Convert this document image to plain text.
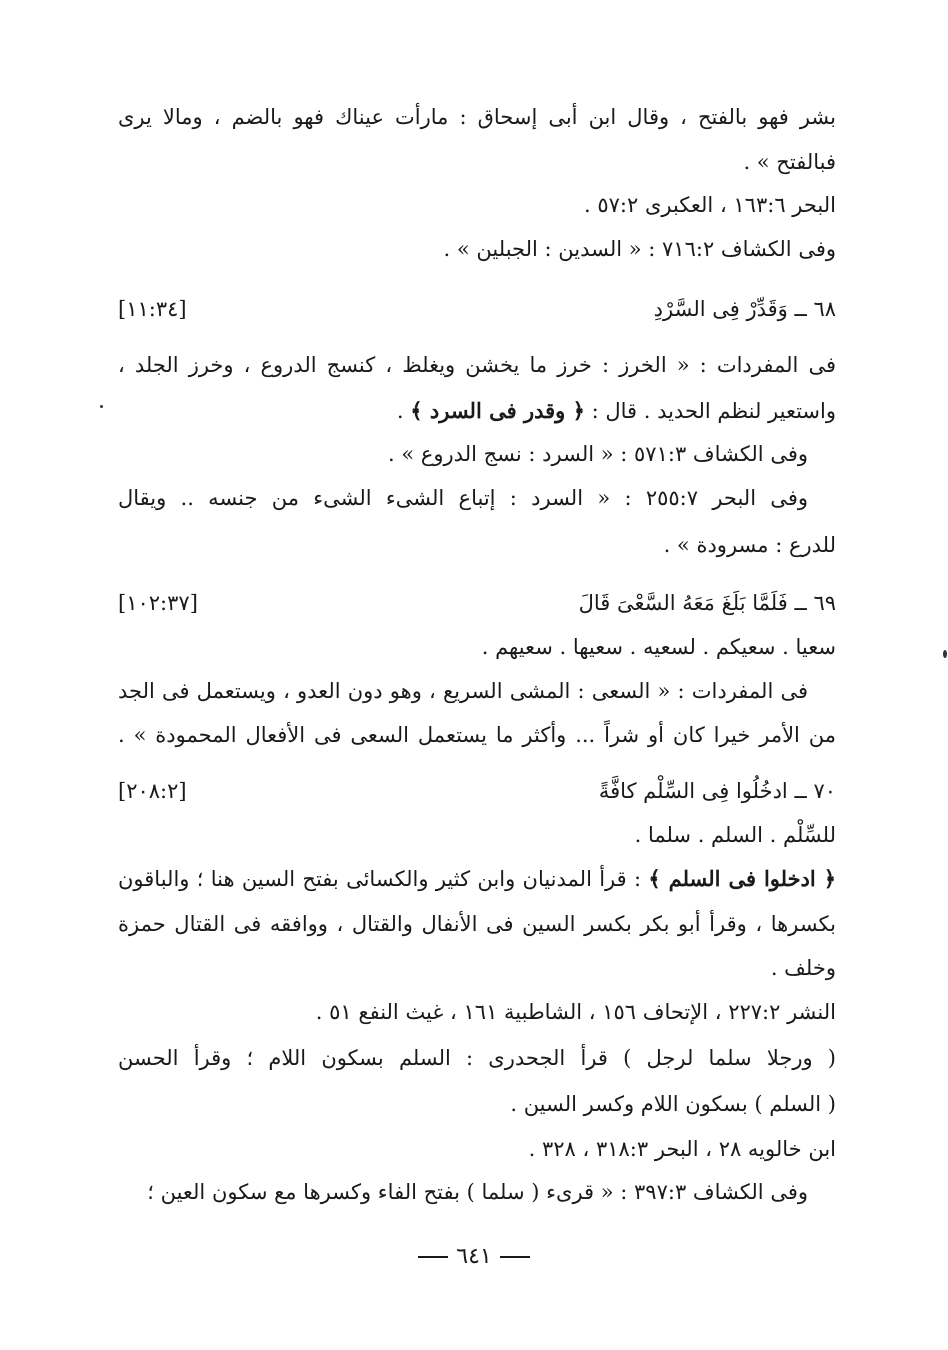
بشر فهو بالفتح ، وقال ابن أبى إسحاق : مارأت عيناك فهو بالضم ، ومالا يرى
فبالفتح » .
البحر ١٦٣:٦ ، العكبرى ٥٧:٢ .
وفى الكشاف ٧١٦:٢ : « السدين : الجبلين » .
٦٨ ــ وَقَدِّرْ فِى السَّرْدِ
[١١:٣٤]
فى المفردات : « الخرز : خرز ما يخشن ويغلظ ، كنسج الدروع ، وخرز الجلد ،
واستعير لنظم الحديد . قال : ﴿ وقدر فى السرد ﴾ .
وفى الكشاف ٥٧١:٣ : « السرد : نسج الدروع » .
وفى البحر ٢٥٥:٧ : « السرد : إتباع الشىء الشىء من جنسه .. ويقال
للدرع : مسرودة » .
٦٩ ــ فَلَمَّا بَلَغَ مَعَهُ السَّعْىَ قَالَ
[١٠٢:٣٧]
سعيا . سعيكم . لسعيه . سعيها . سعيهم .
فى المفردات : « السعى : المشى السريع ، وهو دون العدو ، ويستعمل فى الجد
من الأمر خيرا كان أو شراً ... وأكثر ما يستعمل السعى فى الأفعال المحمودة » .
٧٠ ــ ادخُلُوا فِى السِّلْم كافَّةً
[٢٠٨:٢]
للسِّلْم . السلم . سلما .
﴿ ادخلوا فى السلم ﴾ : قرأ المدنيان وابن كثير والكسائى بفتح السين هنا ؛ والباقون
بكسرها ، وقرأ أبو بكر بكسر السين فى الأنفال والقتال ، ووافقه فى القتال حمزة
وخلف .
النشر ٢٢٧:٢ ، الإتحاف ١٥٦ ، الشاطبية ١٦١ ، غيث النفع ٥١ .
( ورجلا سلما لرجل ) قرأ الجحدرى : السلم بسكون اللام ؛ وقرأ الحسن
( السلم ) بسكون اللام وكسر السين .
ابن خالويه ٢٨ ، البحر ٣١٨:٣ ، ٣٢٨ .
وفى الكشاف ٣٩٧:٣ : « قرىء ( سلما ) بفتح الفاء وكسرها مع سكون العين ؛
٦٤١
